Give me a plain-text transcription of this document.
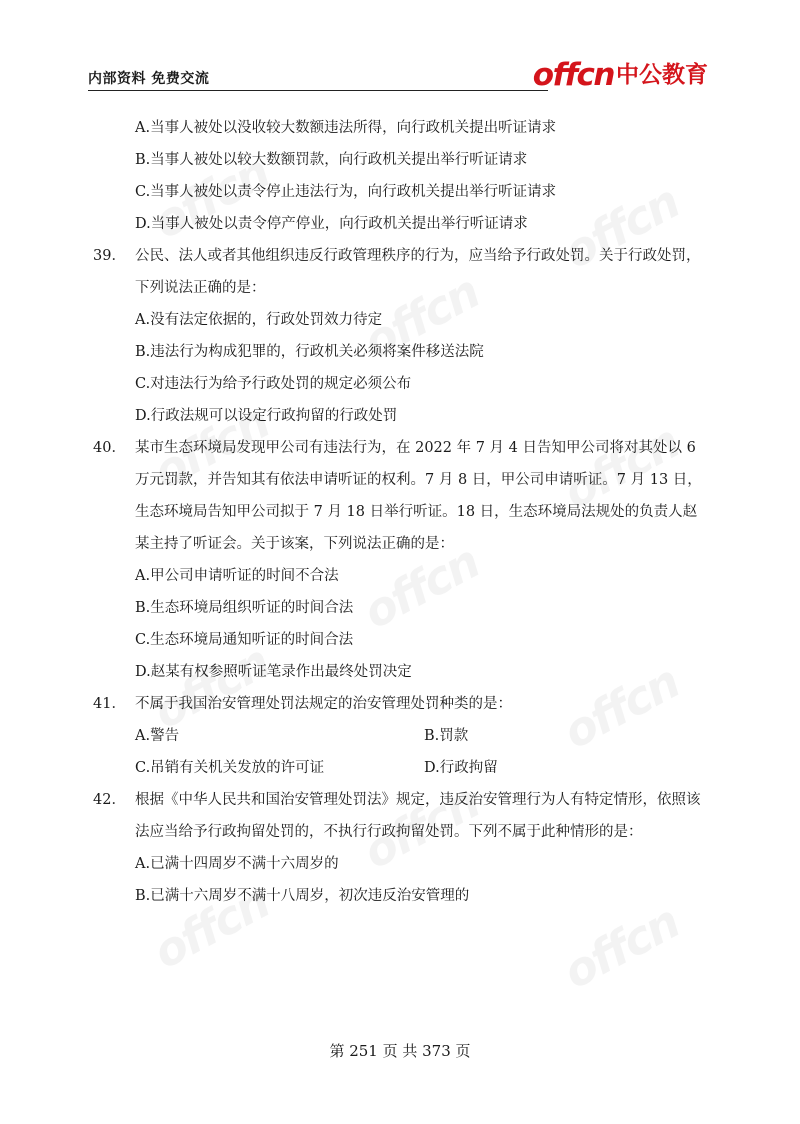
内部资料 免费交流	offcn 中公教育
A.当事人被处以没收较大数额违法所得，向行政机关提出听证请求
B.当事人被处以较大数额罚款，向行政机关提出举行听证请求
C.当事人被处以责令停止违法行为，向行政机关提出举行听证请求
D.当事人被处以责令停产停业，向行政机关提出举行听证请求
39． 公民、法人或者其他组织违反行政管理秩序的行为，应当给予行政处罚。关于行政处罚，下列说法正确的是：
A.没有法定依据的，行政处罚效力待定
B.违法行为构成犯罪的，行政机关必须将案件移送法院
C.对违法行为给予行政处罚的规定必须公布
D.行政法规可以设定行政拘留的行政处罚
40． 某市生态环境局发现甲公司有违法行为，在 2022 年 7 月 4 日告知甲公司将对其处以 6 万元罚款，并告知其有依法申请听证的权利。7 月 8 日，甲公司申请听证。7 月 13 日，生态环境局告知甲公司拟于 7 月 18 日举行听证。18 日，生态环境局法规处的负责人赵某主持了听证会。关于该案，下列说法正确的是：
A.甲公司申请听证的时间不合法
B.生态环境局组织听证的时间合法
C.生态环境局通知听证的时间合法
D.赵某有权参照听证笔录作出最终处罚决定
41． 不属于我国治安管理处罚法规定的治安管理处罚种类的是：
A.警告	B.罚款
C.吊销有关机关发放的许可证	D.行政拘留
42． 根据《中华人民共和国治安管理处罚法》规定，违反治安管理行为人有特定情形，依照该法应当给予行政拘留处罚的，不执行行政拘留处罚。下列不属于此种情形的是：
A.已满十四周岁不满十六周岁的
B.已满十六周岁不满十八周岁，初次违反治安管理的
第 251 页 共 373 页
